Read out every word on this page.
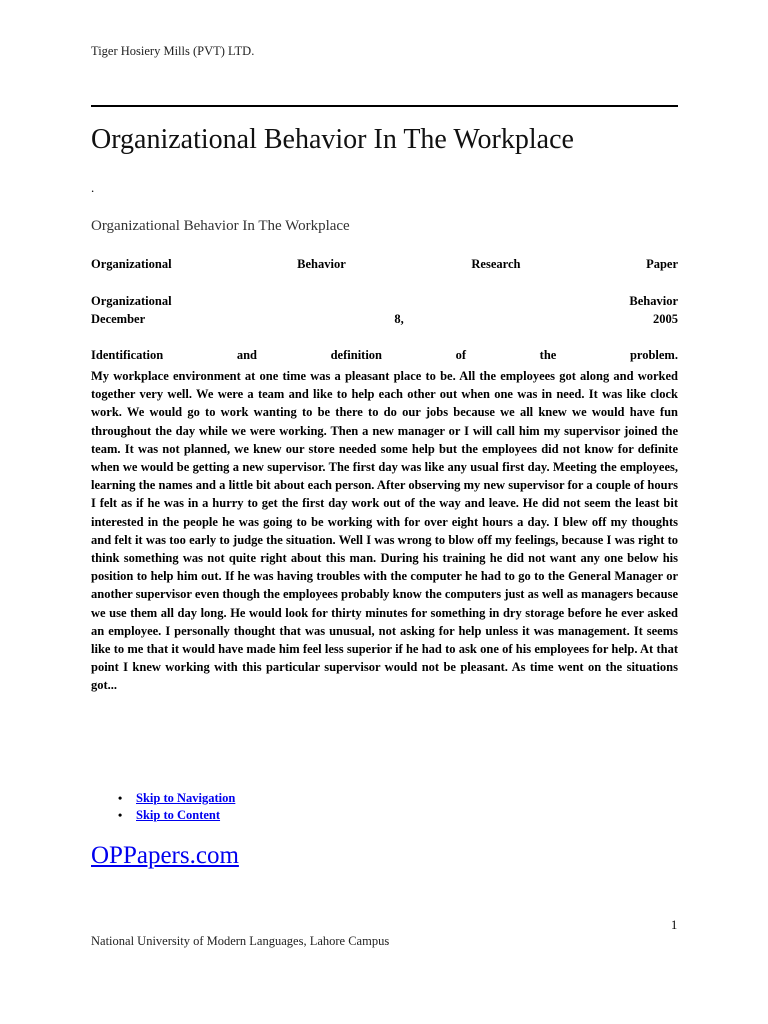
Tiger Hosiery Mills (PVT) LTD.
Organizational Behavior In The Workplace
.
Organizational Behavior In The Workplace
Organizational	Behavior	Research	Paper
Organizational	Behavior
December	8,	2005
Identification	and	definition	of	the	problem.

My workplace environment at one time was a pleasant place to be. All the employees got along and worked together very well. We were a team and like to help each other out when one was in need. It was like clock work. We would go to work wanting to be there to do our jobs because we all knew we would have fun throughout the day while we were working. Then a new manager or I will call him my supervisor joined the team. It was not planned, we knew our store needed some help but the employees did not know for definite when we would be getting a new supervisor. The first day was like any usual first day. Meeting the employees, learning the names and a little bit about each person. After observing my new supervisor for a couple of hours I felt as if he was in a hurry to get the first day work out of the way and leave. He did not seem the least bit interested in the people he was going to be working with for over eight hours a day. I blew off my thoughts and felt it was too early to judge the situation. Well I was wrong to blow off my feelings, because I was right to think something was not quite right about this man. During his training he did not want any one below his position to help him out. If he was having troubles with the computer he had to go to the General Manager or another supervisor even though the employees probably know the computers just as well as managers because we use them all day long. He would look for thirty minutes for something in dry storage before he ever asked an employee. I personally thought that was unusual, not asking for help unless it was management. It seems like to me that it would have made him feel less superior if he had to ask one of his employees for help. At that point I knew working with this particular supervisor would not be pleasant. As time went on the situations got...

• Skip to Navigation
• Skip to Content
OPPapers.com
1
National University of Modern Languages, Lahore Campus
